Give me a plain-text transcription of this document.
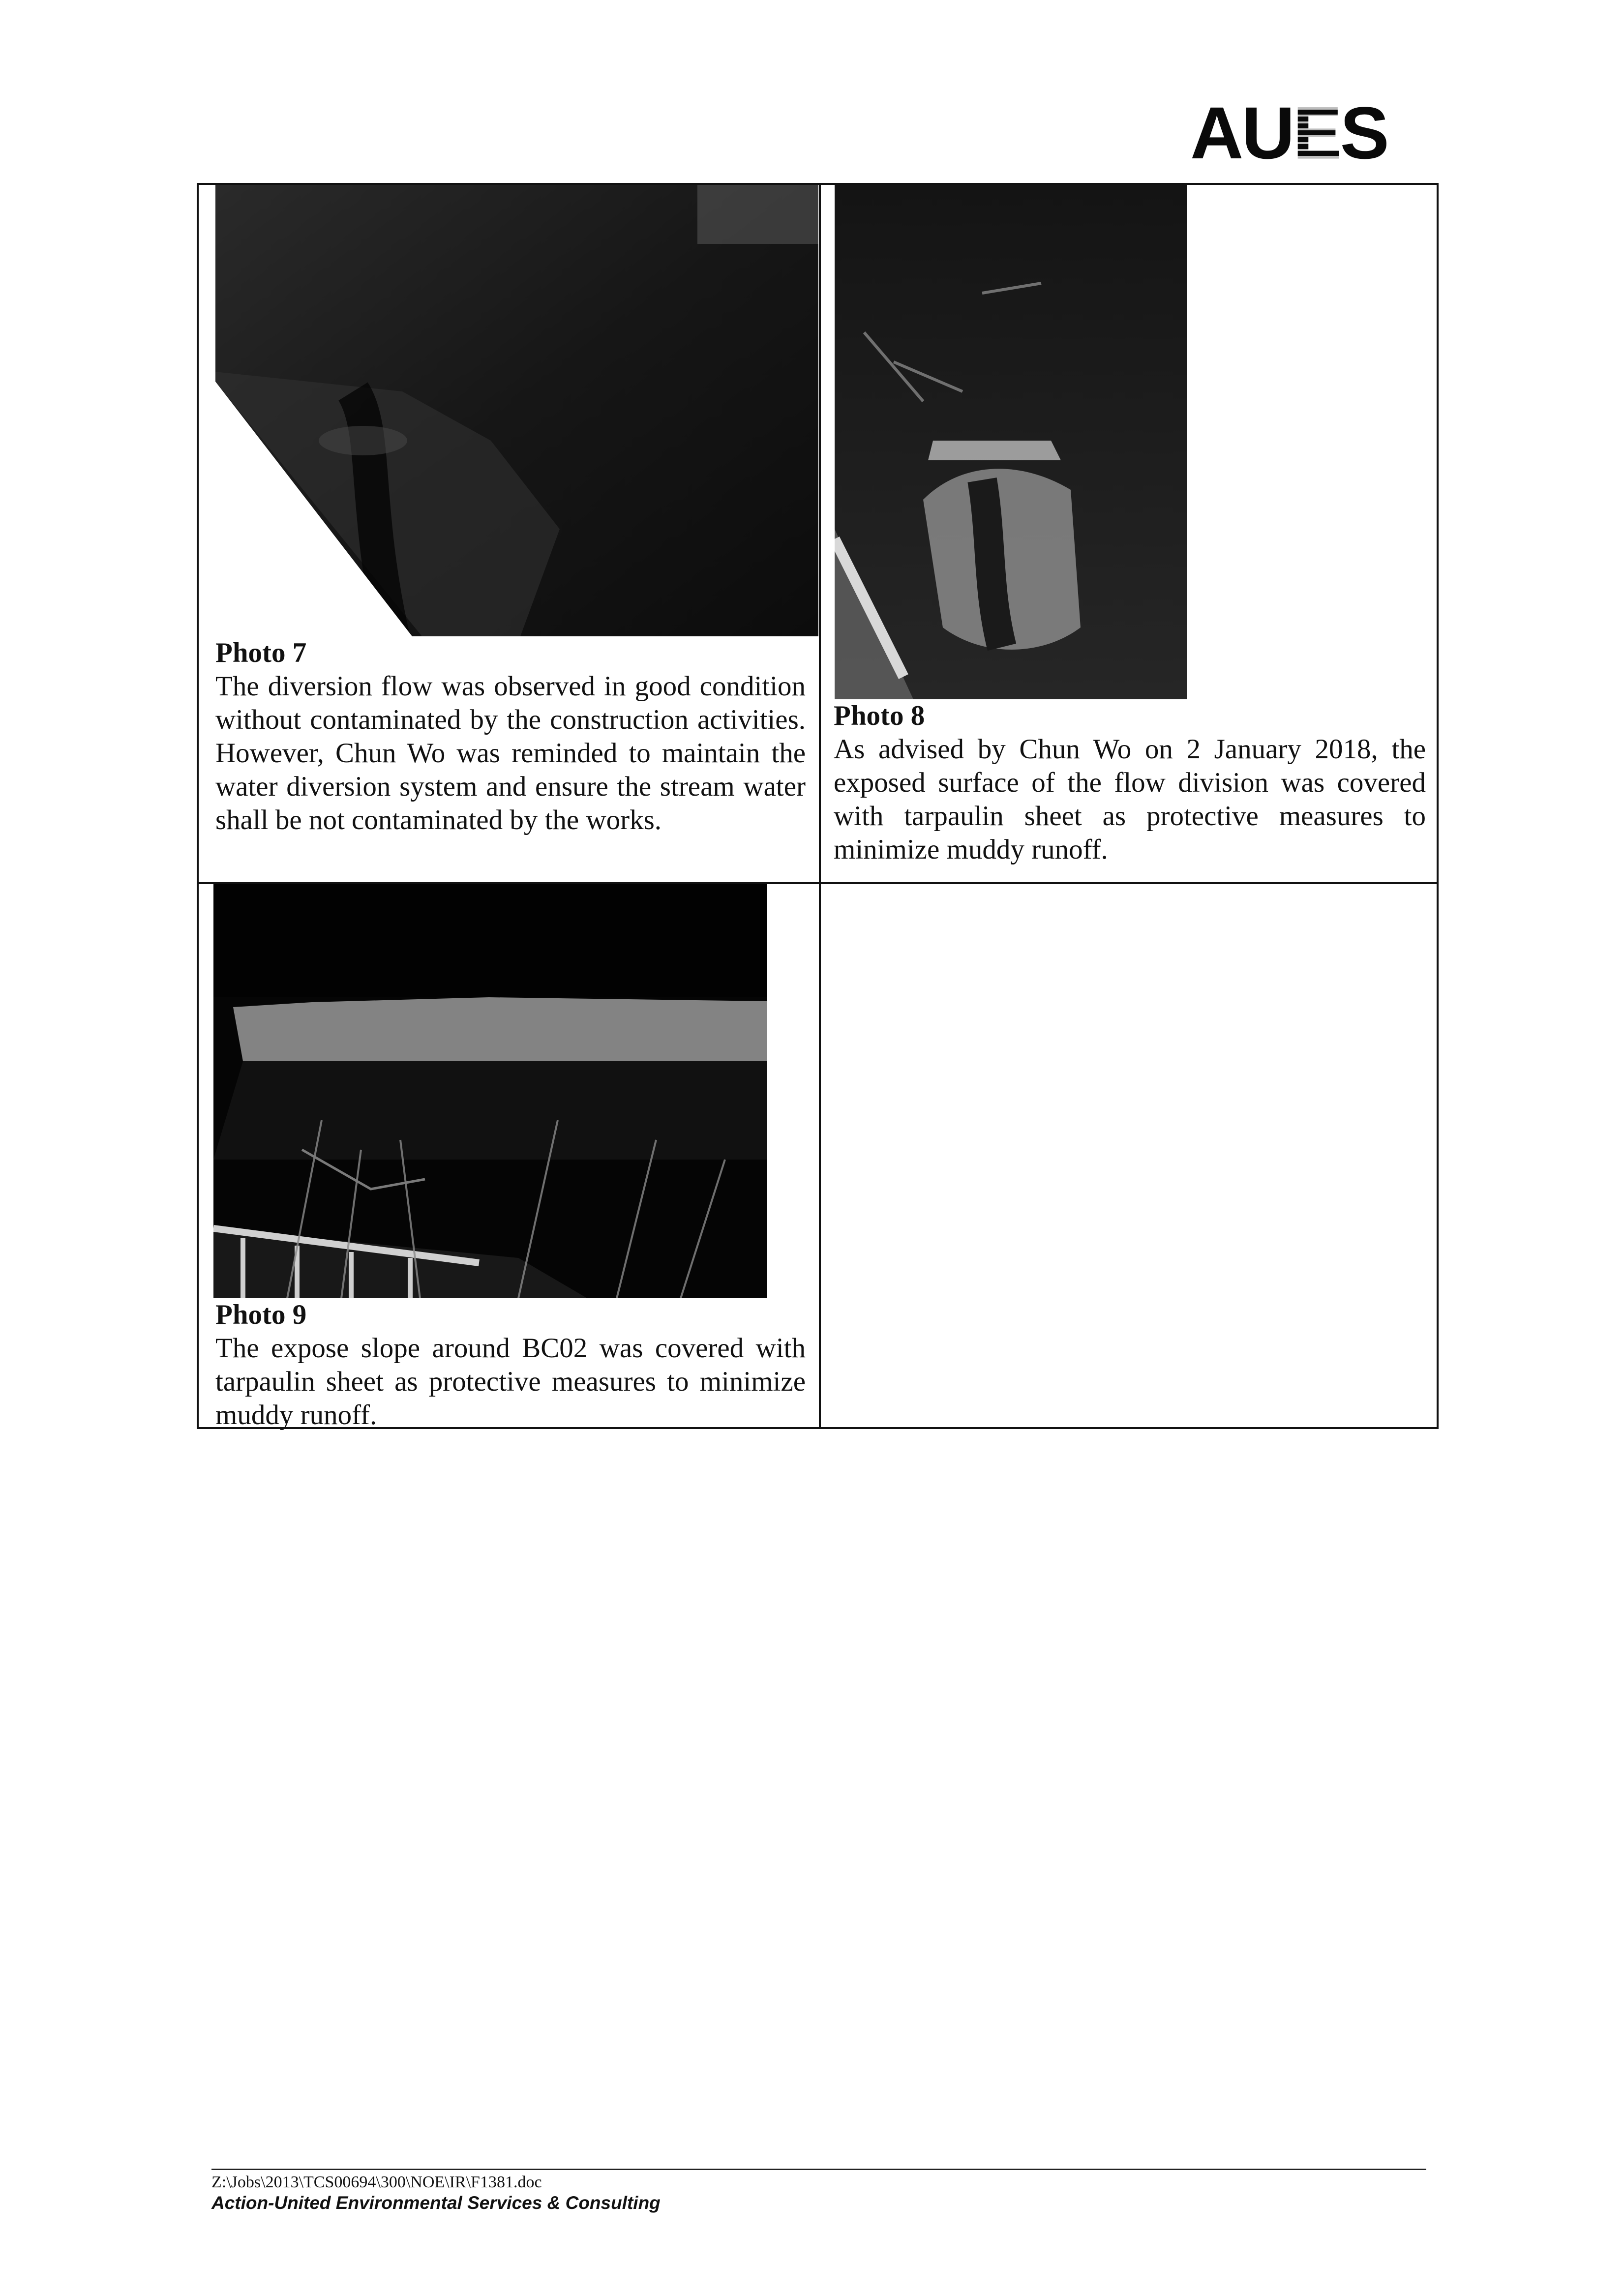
AUES
Photo 7
The diversion flow was observed in good condition without contaminated by the construction activities. However, Chun Wo was reminded to maintain the water diversion system and ensure the stream water shall be not contaminated by the works.
Photo 8
As advised by Chun Wo on 2 January 2018, the exposed surface of the flow division was covered with tarpaulin sheet as protective measures to minimize muddy runoff.
Photo 9
The expose slope around BC02 was covered with tarpaulin sheet as protective measures to minimize muddy runoff.
Z:\Jobs\2013\TCS00694\300\NOE\IR\F1381.doc
Action-United Environmental Services & Consulting
